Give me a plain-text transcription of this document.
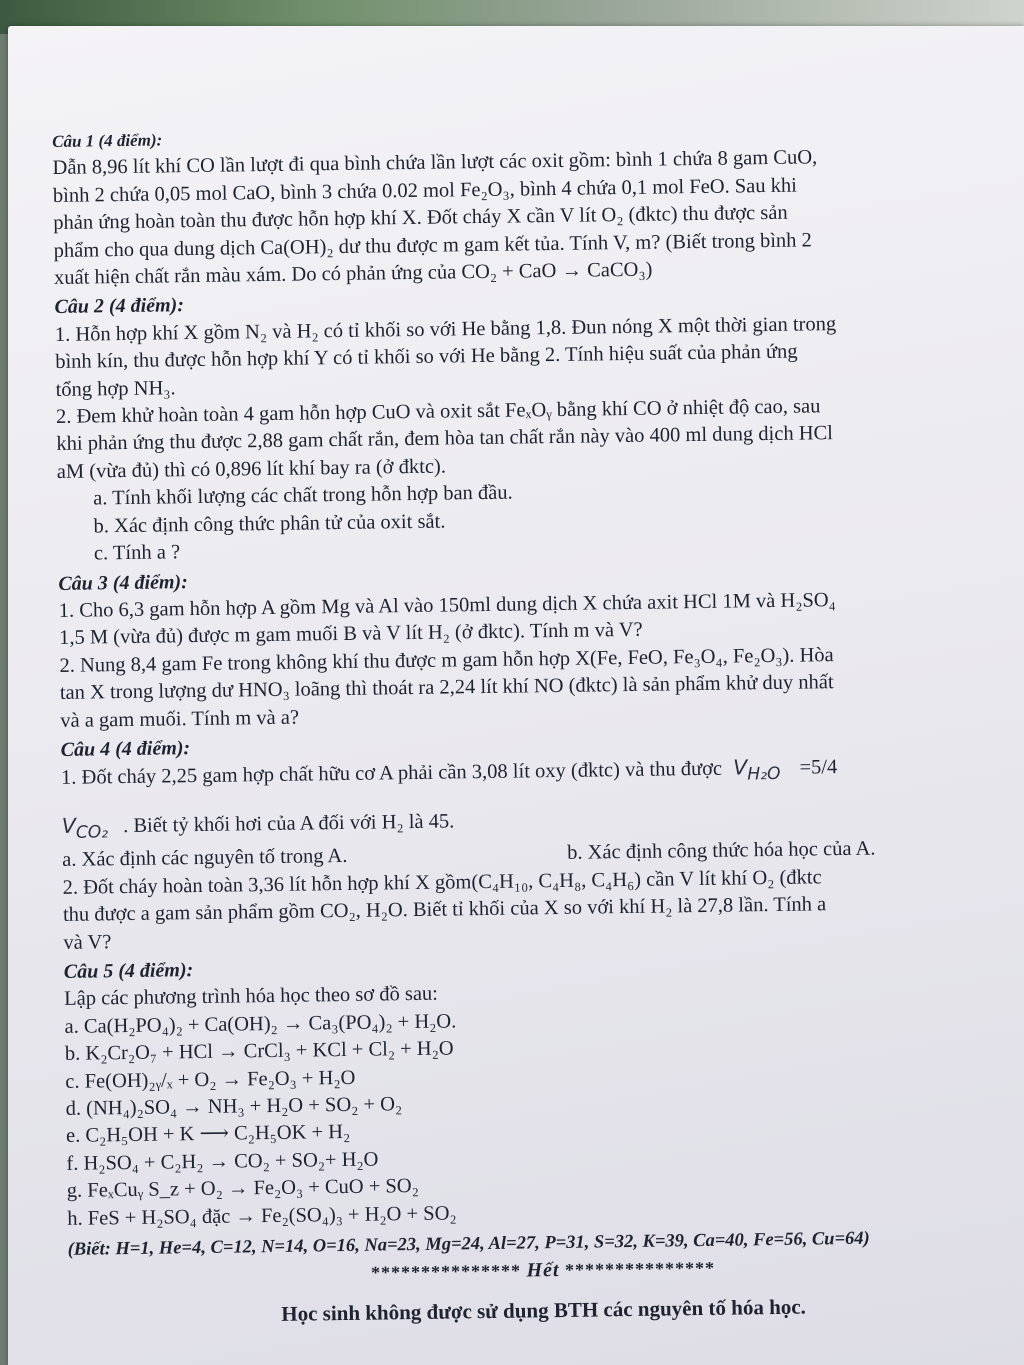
Câu 1 (4 điểm):

Dẫn 8,96 lít khí CO lần lượt đi qua bình chứa lần lượt các oxit gồm: bình 1 chứa 8 gam CuO,

bình 2 chứa 0,05 mol CaO, bình 3 chứa 0.02 mol Fe₂O₃, bình 4 chứa 0,1 mol FeO. Sau khi

phản ứng hoàn toàn thu được hỗn hợp khí X. Đốt cháy X cần V lít O₂ (đktc) thu được sản

phẩm cho qua dung dịch Ca(OH)₂ dư thu được m gam kết tủa. Tính V, m? (Biết trong bình 2

xuất hiện chất rắn màu xám. Do có phản ứng của CO₂ + CaO → CaCO₃)

Câu 2 (4 điểm):

1. Hỗn hợp khí X gồm N₂ và H₂ có tỉ khối so với He bằng 1,8. Đun nóng X một thời gian trong

bình kín, thu được hỗn hợp khí Y có tỉ khối so với He bằng 2. Tính hiệu suất của phản ứng

tổng hợp NH₃.

2. Đem khử hoàn toàn 4 gam hỗn hợp CuO và oxit sắt FeₓOᵧ bằng khí CO ở nhiệt độ cao, sau

khi phản ứng thu được 2,88 gam chất rắn, đem hòa tan chất rắn này vào 400 ml dung dịch HCl

aM (vừa đủ) thì có 0,896 lít khí bay ra (ở đktc).

a. Tính khối lượng các chất trong hỗn hợp ban đầu.

b. Xác định công thức phân tử của oxit sắt.

c. Tính a ?

Câu 3 (4 điểm):

1. Cho 6,3 gam hỗn hợp A gồm Mg và Al vào 150ml dung dịch X chứa axit HCl 1M và H₂SO₄

1,5 M (vừa đủ) được m gam muối B và V lít H₂ (ở đktc). Tính m và V?

2. Nung 8,4 gam Fe trong không khí thu được m gam hỗn hợp X(Fe, FeO, Fe₃O₄, Fe₂O₃). Hòa

tan X trong lượng dư HNO₃ loãng thì thoát ra 2,24 lít khí NO (đktc) là sản phẩm khử duy nhất

và a gam muối. Tính m và a?

Câu 4 (4 điểm):

1. Đốt cháy 2,25 gam hợp chất hữu cơ A phải cần 3,08 lít oxy (đktc) và thu được $V_{H_2O} =5/4$

$V_{CO_2}$ . Biết tỷ khối hơi của A đối với H₂ là 45.

a. Xác định các nguyên tố trong A.	b. Xác định công thức hóa học của A.

2. Đốt cháy hoàn toàn 3,36 lít hỗn hợp khí X gồm(C₄H₁₀, C₄H₈, C₄H₆) cần V lít khí O₂ (đktc

thu được a gam sản phẩm gồm CO₂, H₂O. Biết tỉ khối của X so với khí H₂ là 27,8 lần. Tính a

và V?

Câu 5 (4 điểm):

Lập các phương trình hóa học theo sơ đồ sau:

a. Ca(H₂PO₄)₂ + Ca(OH)₂ → Ca₃(PO₄)₂ + H₂O.

b. K₂Cr₂O₇ + HCl → CrCl₃ + KCl + Cl₂ + H₂O

c. Fe(OH)₂ᵧ/ₓ + O₂ → Fe₂O₃ + H₂O

d. (NH₄)₂SO₄ → NH₃ + H₂O + SO₂ + O₂

e. C₂H₅OH + K ⟶ C₂H₅OK + H₂

f. H₂SO₄ + C₂H₂ → CO₂ + SO₂+ H₂O

g. FeₓCuᵧ S_z + O₂ → Fe₂O₃ + CuO + SO₂

h. FeS + H₂SO₄ đặc → Fe₂(SO₄)₃ + H₂O + SO₂

(Biết: H=1, He=4, C=12, N=14, O=16, Na=23, Mg=24, Al=27, P=31, S=32, K=39, Ca=40, Fe=56, Cu=64)
*************** Hết ***************
Học sinh không được sử dụng BTH các nguyên tố hóa học.
